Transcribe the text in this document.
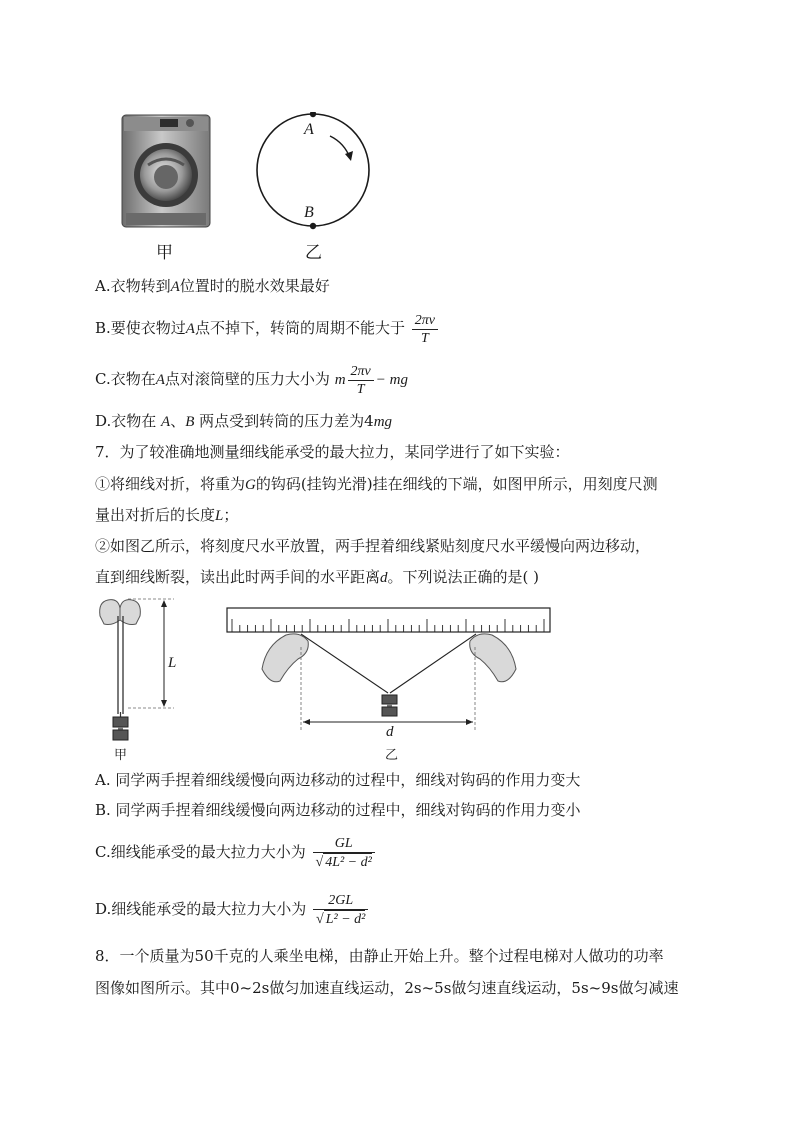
甲
A
B
乙
A.衣物转到A位置时的脱水效果最好
B.要使衣物过A点不掉下，转筒的周期不能大于 $\frac{2\pi v}{T}$
C.衣物在A点对滚筒壁的压力大小为 m $\frac{2\pi v}{T}$ − mg
D.衣物在 A、B 两点受到转筒的压力差为4mg
7．为了较准确地测量细线能承受的最大拉力，某同学进行了如下实验：
①将细线对折，将重为G的钩码(挂钩光滑)挂在细线的下端，如图甲所示，用刻度尺测
量出对折后的长度L；
②如图乙所示，将刻度尺水平放置，两手捏着细线紧贴刻度尺水平缓慢向两边移动，
直到细线断裂，读出此时两手间的水平距离d。下列说法正确的是( )
L
甲
d
乙
A. 同学两手捏着细线缓慢向两边移动的过程中，细线对钩码的作用力变大
B. 同学两手捏着细线缓慢向两边移动的过程中，细线对钩码的作用力变小
C.细线能承受的最大拉力大小为 $\frac{GL}{\text{√ 4L² − d²}}$
D.细线能承受的最大拉力大小为 $\frac{2GL}{\text{√ L² − d²}}$
8．一个质量为50千克的人乘坐电梯，由静止开始上升。整个过程电梯对人做功的功率
图像如图所示。其中0~2s做匀加速直线运动，2s~5s做匀速直线运动，5s~9s做匀减速
